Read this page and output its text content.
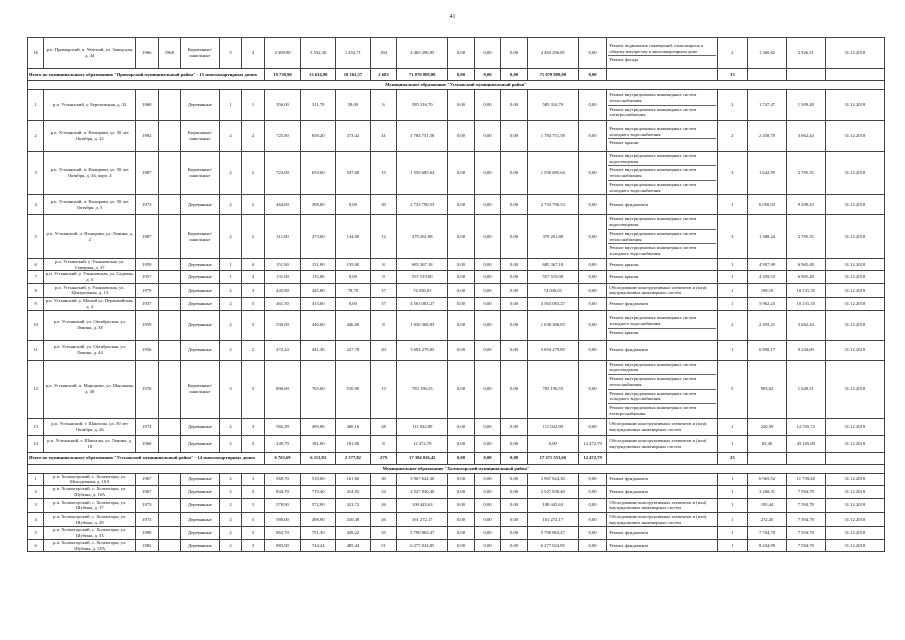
41
16	р.п. Приморский, п. Уемский, ул. Заводская, д. 44	1966	1968	Кирпичные/ панельные	5	4	4 369,90	3 532,30	1 452,71	184	4 465 296,85	0,00	0,00	0,00	4 465 296,85	0,00	Ремонт подвальных помещений, относящихся к общему имуществу в многоквартирном доме
Ремонт фасада	2	1 360,82	2 926,51	31.12.2018
Итого по муниципальному образованию "Приморский муниципальный район" - 15 многоквартирных домов							19 738,90	13 634,90	10 162,57	2 683	71 070 889,08	0,00	0,00	0,00	71 070 889,08	0,00		33			
Муниципальное образование "Устьянский муниципальный район"																					
1	р.п. Устьянский, у. Березницкая, д. 32	1968		Деревянные	1	1	356,00	311,70	58,00	6	585 316,70	0,00	0,00	0,00	585 316,70	0,00	Ремонт внутридомовых инженерных систем теплоснабжения
Ремонт внутридомовых инженерных систем электроснабжения	2	1 747,47	1 509,48	31.12.2018
2	р.п. Устьянский, п. Налирови, ул. 50 лет Октября, д. 32	1982		Кирпичные/ панельные	2	2	725,80	658,20	373,42	41	1 784 751,58	0,00	0,00	0,00	1 784 751,58	0,00	Ремонт внутридомовых инженерных систем холодного водоснабжения
Ремонт крыши	2	2 458,70	3 662,44	31.12.2018
3	р.п. Устьянский, п. Налирови, ул. 50 лет Октября, д. 34, корп. 4	1987		Кирпичные/ панельные	2	2	723,00	659,00	537,60	15	1 550 685,64	0,00	0,00	0,00	1 550 685,64	0,00	Ремонт внутридомовых инженерных систем водоотведения
Ремонт внутридомовых инженерных систем теплоснабжения
Ремонт внутридомовых инженерных систем холодного водоснабжения	3	1 642,95	2 785,35	31.12.2018
4	р.п. Устьянский, п. Налирови, ул. 50 лет Октября, д. 5	1973		Деревянные	2	2	464,60	398,60	0,00	30	2 733 790,53	0,00	0,00	0,00	2 733 790,53	0,00	Ремонт фундамента	1	6 050,03	9 298,43	31.12.2018
5	р.п. Устьянский, п. Налирови, ул. Ленина, д. 2	1987		Кирпичные/ панельные	2	2	311,00	273,00	134,00	12	379 261,88	0,00	0,00	0,00	379 261,88	0,00	Ремонт внутридомовых инженерных систем водоотведения
Ремонт внутридомовых инженерных систем теплоснабжения
Ремонт внутридомовых инженерных систем холодного водоснабжения	3	1 388,24	2 785,35	31.12.2018
6	р.п. Устьянский, у. Ульяновская, ул. Северная, д. 37	1959		Деревянные	1	4	151,90	151,90	135,00	8	685 367,18	0,00	0,00	0,00	685 367,18	0,00	Ремонт крыши	1	4 997,99	6 965,48	31.12.2018
7	р.п. Устьянский, у. Ульяновская, ул. Садовая, д. 5	1957		Деревянные	1	4	131,00	115,00	0,00	9	557 519,00	0,00	0,00	0,00	557 519,00	0,00	Ремонт крыши	1	4 259,53	6 965,48	31.12.2018
8	р.п. Устьянский, у. Ульяновская, ул. Центральная, д. 13	1979		Деревянные	2	3	445,80	445,80	78,70	37	74 036,01	0,00	0,00	0,00	74 036,01	0,00	Обследование конструктивных элементов и (или) внутридомовых инженерных систем	1	198,10	10 131,35	31.12.2018
9	р.п. Устьянский, у. Малый ул. Первомайская, д. 4	1937		Деревянные	2	3	461,50	413,00	0,00	37	4 563 083,27	0,00	0,00	0,00	4 563 083,27	0,00	Ремонт фундамента	1	5 962,23	10 131,35	31.12.2018
10	р.п. Устьянский, ул. Октябрьская, ул. Ленина, д. 38	1959		Деревянные	2	3	530,00	440,00	446,00	8	1 030 368,83	0,00	0,00	0,00	1 030 368,83	0,00	Ремонт внутридомовых инженерных систем холодного водоснабжения
Ремонт крыши	2	2 493,21	3 662,44	31.12.2018
11	р.п. Устьянский, ул. Октябрьская, ул. Ленина, д. 44	1956		Деревянные	2	2	472,24	441,30	227,78	20	3 694 279,85	0,00	0,00	0,00	3 694 279,85	0,00	Ремонт фундамента	1	6 890,17	9 244,69	31.12.2018
12	р.п. Устьянский, п. Мироново, ул. Школьная, д. 30	1976		Кирпичные/ панельные	3	3	896,60	765,00	510,00	13	783 196,55	0,00	0,00	0,00	783 196,55	0,00	Ремонт внутридомовых инженерных систем водоотведения
Ремонт внутридомовых инженерных систем теплоснабжения
Ремонт внутридомовых инженерных систем холодного водоснабжения
Ремонт внутридомовых инженерных систем электроснабжения	5	903,62	1 648,51	31.12.2018
13	р.п. Устьянский, т. Шангалы, ул. 50 лет Октября, д. 26	1974		Деревянные	2	3	582,39	499,96	400,16	28	111 022,89	0,00	0,00	0,00	111 022,89	0,00	Обследование конструктивных элементов и (или) внутридомовых инженерных систем	1	220,59	12 535,72	31.12.2018
14	р.п. Устьянский, т. Шангалы, ул. Ленина, д. 18	1968		Деревянные	2	3	249,79	181,00	181,00	8	12 472,79	0,00	0,00	0,00	0,00	12 472,79	Обследование конструктивных элементов и (или) внутридомовых инженерных систем	1	65,40	43 165,00	31.12.2018
Итого по муниципальному образованию "Устьянский муниципальный район" - 14 многоквартирных домов							6 763,69	6 113,83	2 377,82	279	17 384 026,45	0,00	0,00	0,00	17 371 553,66	12 472,79		23			
Муниципальное образование "Холмогорский муниципальный район"																					
1	р.п. Холмогорский, с. Холмогоры, ул. Молодежная, д. 10А	1967		Деревянные	2	3	569,70	510,00	161,60	30	3 967 624,30	0,00	0,00	0,00	3 967 624,30	0,00	Ремонт фундамента	1	6 965,52	11 739,40	31.12.2018
2	р.п. Холмогорский, с. Холмогоры, ул. Шубина, д. 16А	1967		Деревянные	2	3	844,70	719,40	414,92	34	2 527 830,40	0,00	0,00	0,00	2 527 830,40	0,00	Ремонт фундамента	1	3 268,31	7 594,78	31.12.2018
3	р.п. Холмогорский, с. Холмогоры, ул. Шубина, д. 17	1973		Деревянные	2	3	578,90	572,90	321,72	26	108 445,63	0,00	0,00	0,00	108 445,63	0,00	Обследование конструктивных элементов и (или) внутридомовых инженерных систем	1	195,44	7 594,78	31.12.2018
4	р.п. Холмогорский, с. Холмогоры, ул. Шубина, д. 29	1973		Деревянные	2	3	580,00	498,90	410,49	26	161 272,17	0,00	0,00	0,00	161 272,17	0,00	Обследование конструктивных элементов и (или) внутридомовых инженерных систем	1	272,45	7 594,78	31.12.2018
5	р.п. Холмогорский, с. Холмогоры, ул. Шубина, д. 33	1980		Деревянные	2	3	863,70	751,30	449,22	55	5 790 863,47	0,00	0,00	0,00	5 790 863,47	0,00	Ремонт фундамента	1	7 704,70	7 594,78	31.12.2018
6	р.п. Холмогорский, с. Холмогоры, ул. Шубина, д. 35А	1982		Деревянные	2	3	883,90	744,24	485,44	51	6 277 024,85	0,00	0,00	0,00	6 277 024,85	0,00	Ремонт фундамента	1	8 434,99	7 594,78	31.12.2018
